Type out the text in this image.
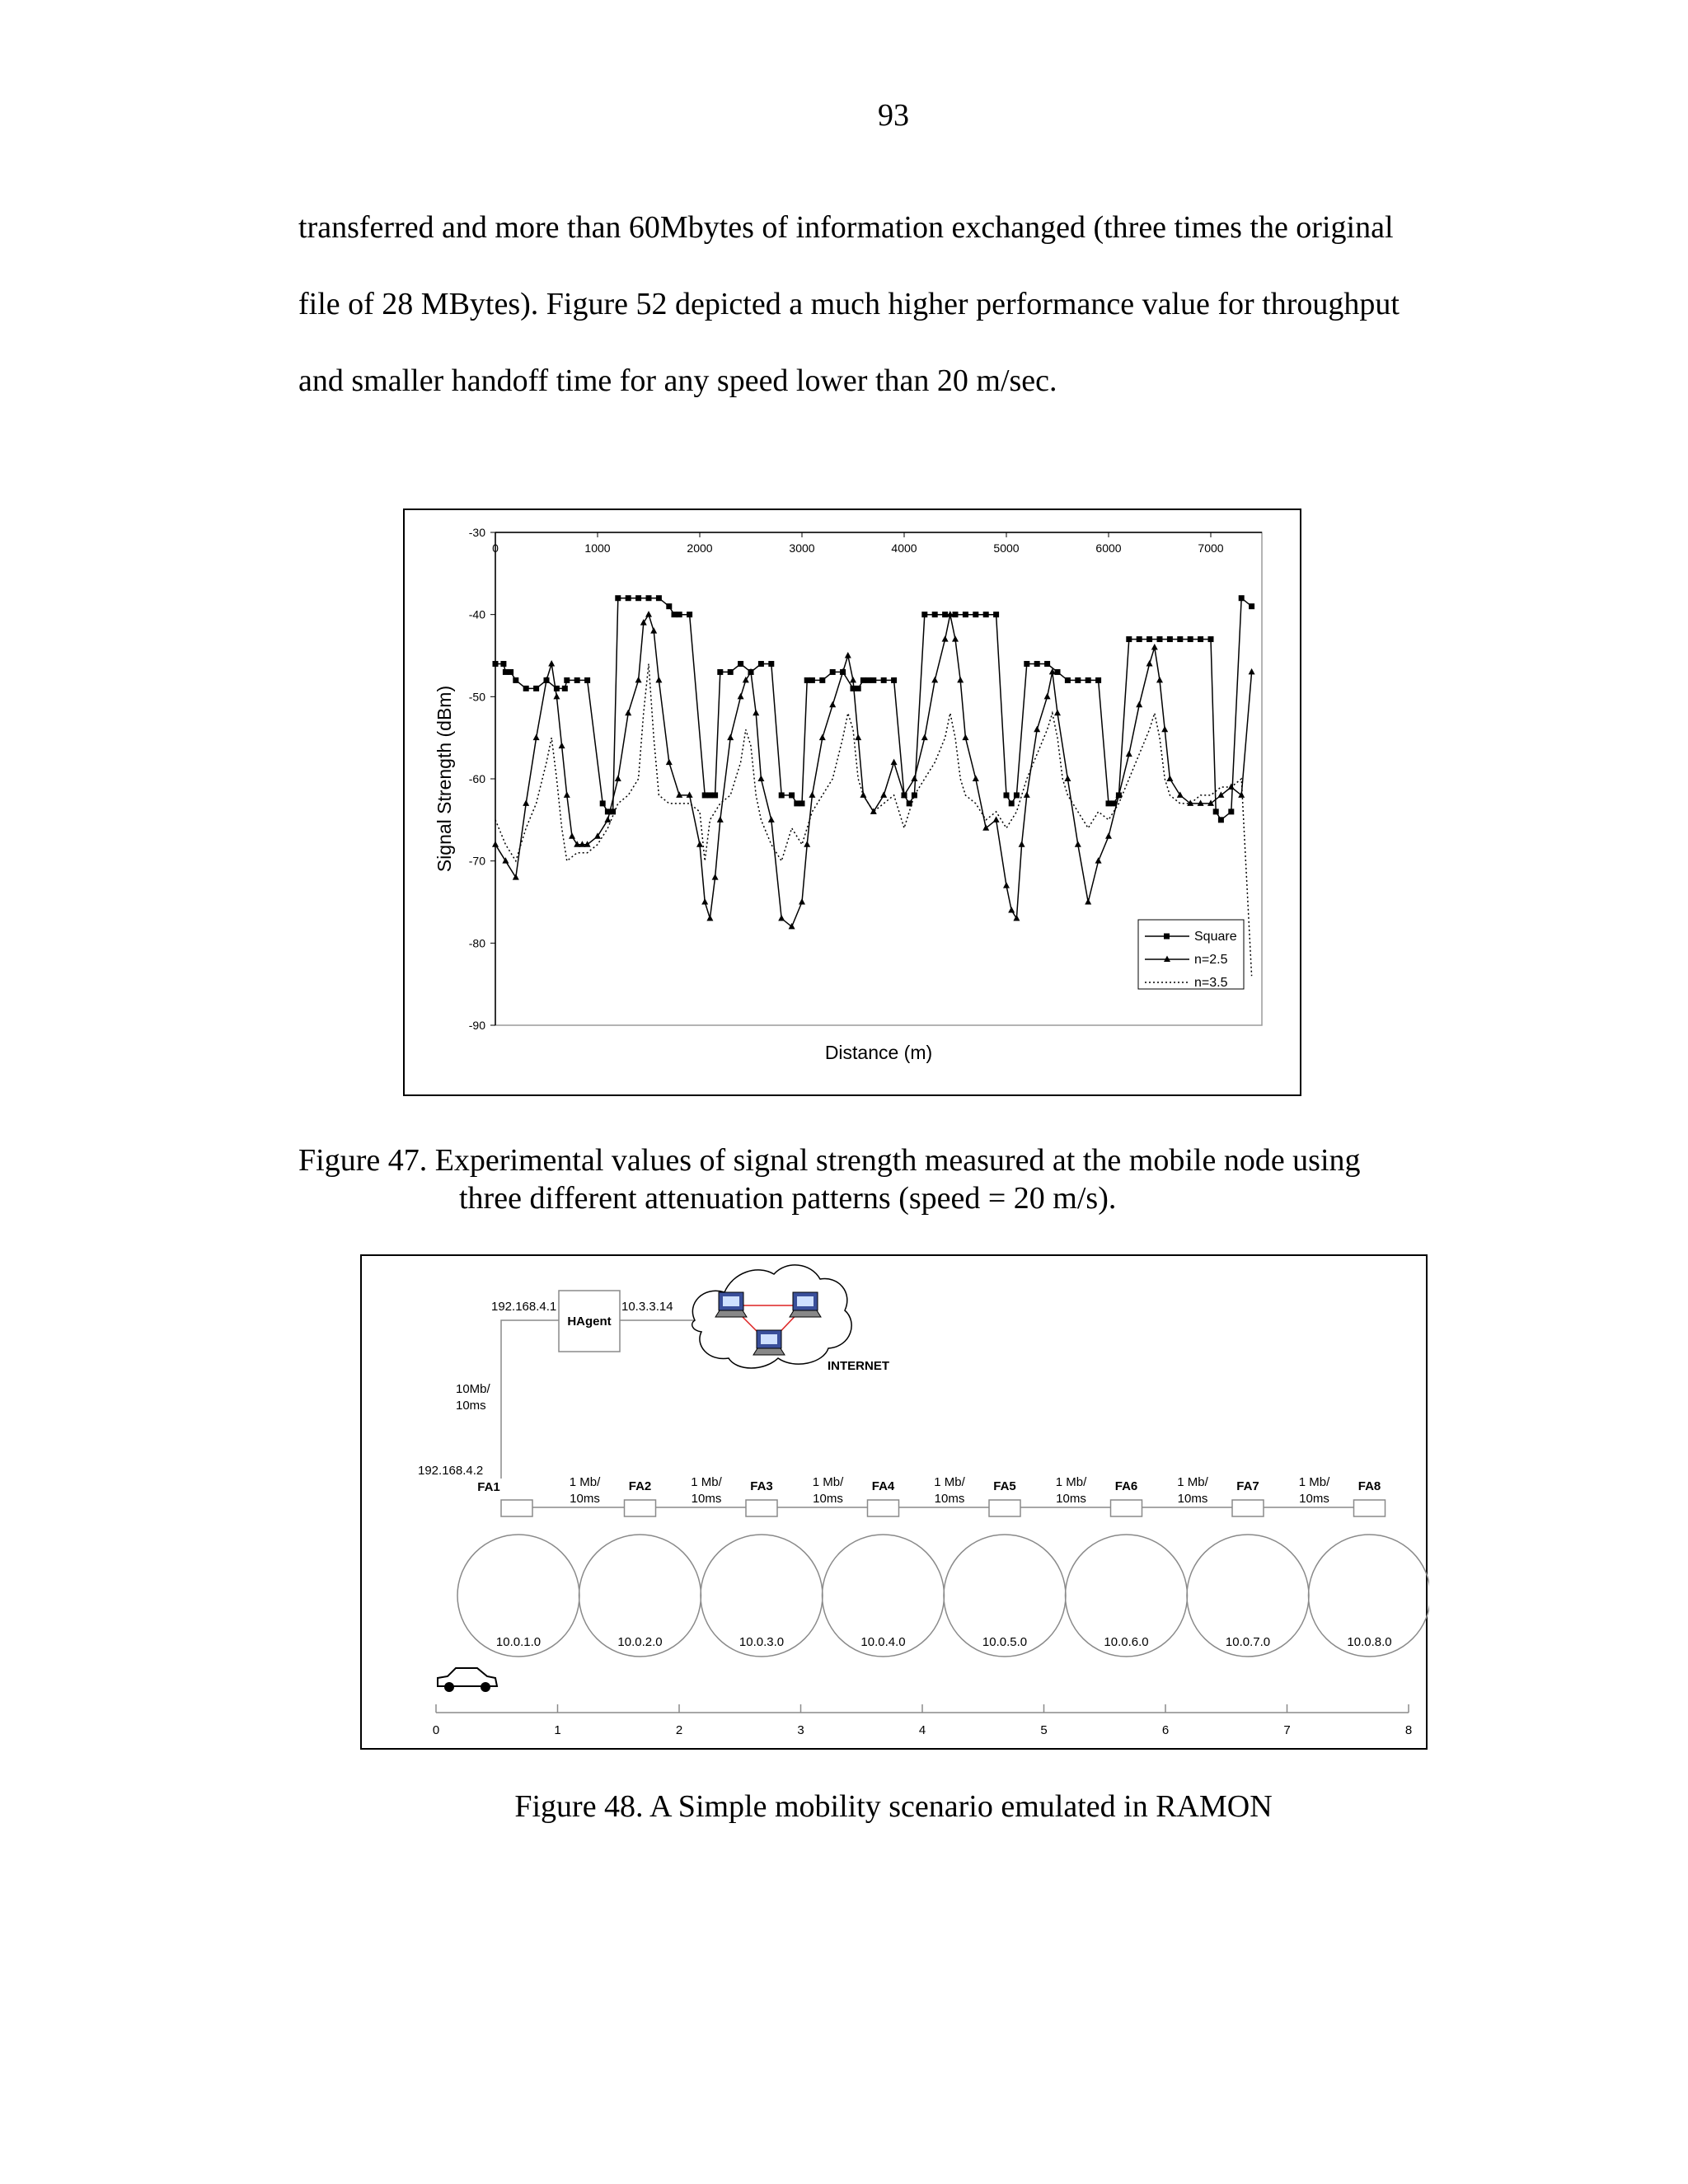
93

transferred and more than 60Mbytes of information exchanged (three times the original

file of 28 MBytes). Figure 52 depicted a much higher performance value for throughput

and smaller handoff time for any speed lower than 20 m/sec.

0	1000	2000	3000	4000	5000	6000	7000
-30
-40
-50
-60
-70
-80
-90
Distance (m)
Signal Strength (dBm)
Square
n=2.5
n=3.5
Figure 47. Experimental values of signal strength measured at the mobile node using
three different attenuation patterns (speed = 20 m/s).
192.168.4.1	10.3.3.14
HAgent
INTERNET
10Mb/
10ms
192.168.4.2
FA1	1 Mb/
10ms
FA2	1 Mb/
10ms
FA3	1 Mb/
10ms
FA4	1 Mb/
10ms
FA5	1 Mb/
10ms
FA6	1 Mb/
10ms
FA7	1 Mb/
10ms
FA8
10.0.1.0	10.0.2.0	10.0.3.0	10.0.4.0	10.0.5.0	10.0.6.0	10.0.7.0	10.0.8.0
0	1	2	3	4	5	6	7	8
Figure 48. A Simple mobility scenario emulated in RAMON
